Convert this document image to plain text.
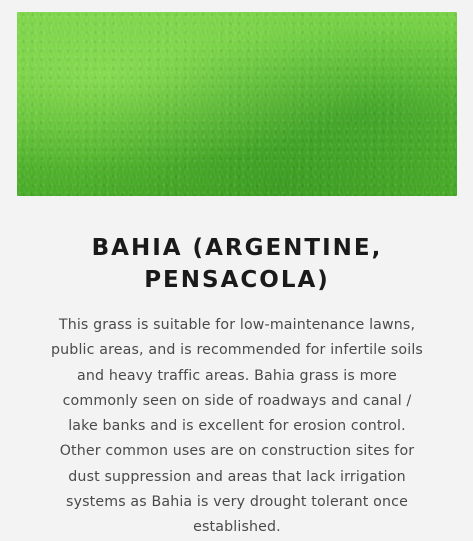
BAHIA (ARGENTINE, PENSACOLA)

This grass is suitable for low-maintenance lawns, public areas, and is recommended for infertile soils and heavy traffic areas. Bahia grass is more commonly seen on side of roadways and canal / lake banks and is excellent for erosion control. Other common uses are on construction sites for dust suppression and areas that lack irrigation systems as Bahia is very drought tolerant once established.
